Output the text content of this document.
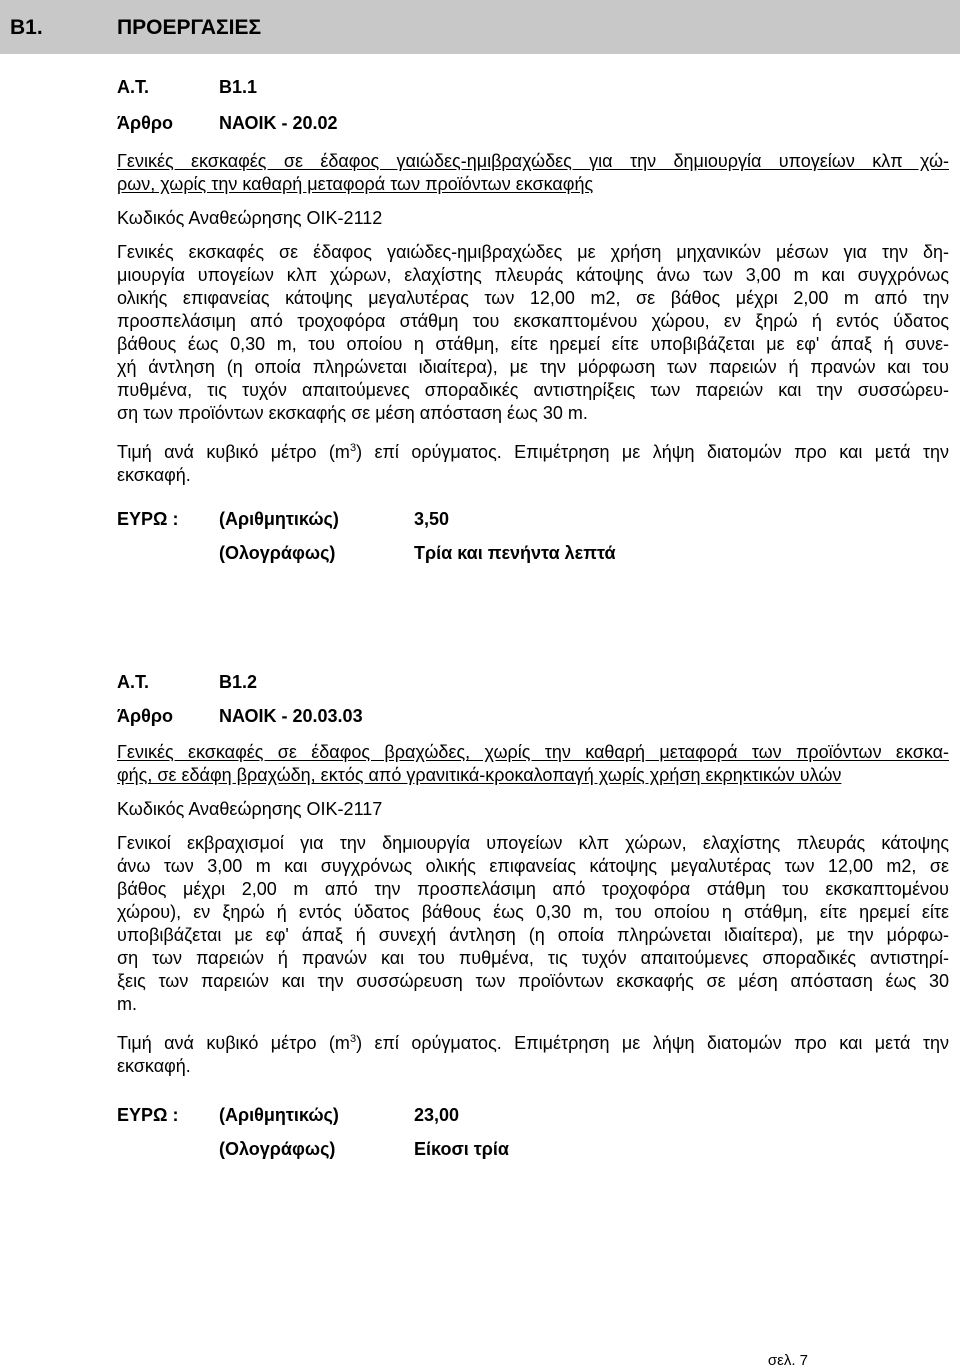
B1.	ΠΡΟΕΡΓΑΣΙΕΣ
Α.Τ.	Β1.1
Άρθρο	ΝΑΟΙΚ - 20.02
Γενικές εκσκαφές σε έδαφος γαιώδες-ημιβραχώδες για την δημιουργία υπογείων κλπ χώ-
ρων, χωρίς την καθαρή μεταφορά των προϊόντων εκσκαφής
Κωδικός Αναθεώρησης ΟΙΚ-2112
Γενικές εκσκαφές σε έδαφος γαιώδες-ημιβραχώδες με χρήση μηχανικών μέσων για την δη-
μιουργία υπογείων κλπ χώρων, ελαχίστης πλευράς κάτοψης άνω των 3,00 m και συγχρόνως
ολικής επιφανείας κάτοψης μεγαλυτέρας των 12,00 m2, σε βάθος μέχρι 2,00 m από την
προσπελάσιμη από τροχοφόρα στάθμη του εκσκαπτομένου χώρου, εν ξηρώ ή εντός ύδατος
βάθους έως 0,30 m, του οποίου η στάθμη, είτε ηρεμεί είτε υποβιβάζεται με εφ' άπαξ ή συνε-
χή άντληση (η οποία πληρώνεται ιδιαίτερα), με την μόρφωση των παρειών ή πρανών και του
πυθμένα, τις τυχόν απαιτούμενες σποραδικές αντιστηρίξεις των παρειών και την συσσώρευ-
ση των προϊόντων εκσκαφής σε μέση απόσταση έως 30 m.
Τιμή ανά κυβικό μέτρο $(m^3)$ επί ορύγματος. Επιμέτρηση με λήψη διατομών προ και μετά την
εκσκαφή.
ΕΥΡΩ : (Αριθμητικώς)	3,50
(Ολογράφως)	Τρία και πενήντα λεπτά
Α.Τ.	Β1.2
Άρθρο	ΝΑΟΙΚ - 20.03.03
Γενικές εκσκαφές σε έδαφος βραχώδες, χωρίς την καθαρή μεταφορά των προϊόντων εκσκα-
φής, σε εδάφη βραχώδη, εκτός από γρανιτικά-κροκαλοπαγή χωρίς χρήση εκρηκτικών υλών
Κωδικός Αναθεώρησης ΟΙΚ-2117
Γενικοί εκβραχισμοί για την δημιουργία υπογείων κλπ χώρων, ελαχίστης πλευράς κάτοψης
άνω των 3,00 m και συγχρόνως ολικής επιφανείας κάτοψης μεγαλυτέρας των 12,00 m2, σε
βάθος μέχρι 2,00 m από την προσπελάσιμη από τροχοφόρα στάθμη του εκσκαπτομένου
χώρου), εν ξηρώ ή εντός ύδατος βάθους έως 0,30 m, του οποίου η στάθμη, είτε ηρεμεί είτε
υποβιβάζεται με εφ' άπαξ ή συνεχή άντληση (η οποία πληρώνεται ιδιαίτερα), με την μόρφω-
ση των παρειών ή πρανών και του πυθμένα, τις τυχόν απαιτούμενες σποραδικές αντιστηρί-
ξεις των παρειών και την συσσώρευση των προϊόντων εκσκαφής σε μέση απόσταση έως 30
m.
Τιμή ανά κυβικό μέτρο $(m^3)$ επί ορύγματος. Επιμέτρηση με λήψη διατομών προ και μετά την
εκσκαφή.
ΕΥΡΩ : (Αριθμητικώς)	23,00
(Ολογράφως)	Είκοσι τρία
σελ. 7
